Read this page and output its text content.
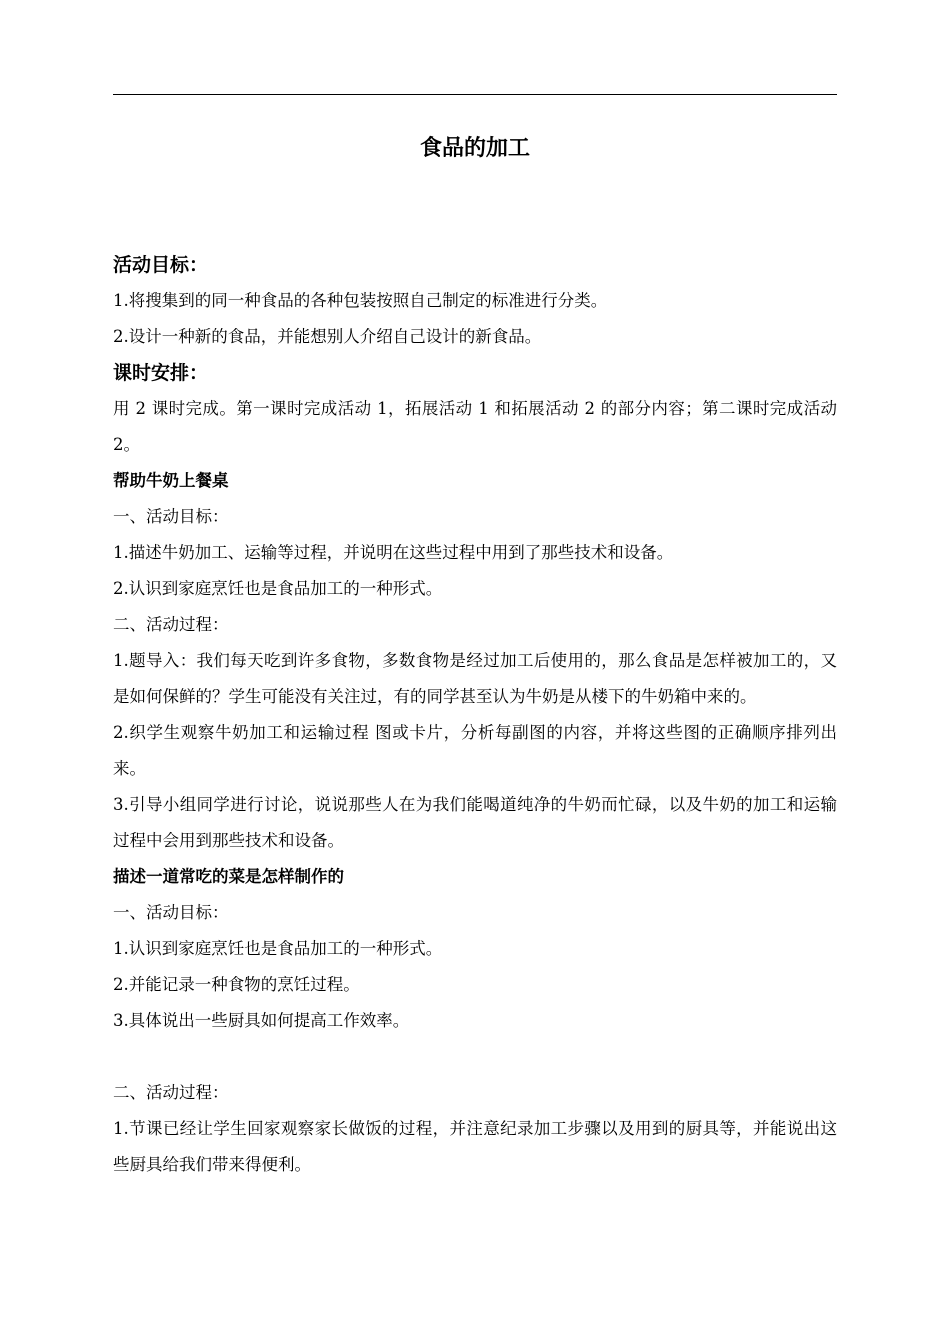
食品的加工

活动目标：

1.将搜集到的同一种食品的各种包装按照自己制定的标准进行分类。

2.设计一种新的食品，并能想别人介绍自己设计的新食品。

课时安排：

用 2 课时完成。第一课时完成活动 1，拓展活动 1 和拓展活动 2 的部分内容；第二课时完成活动 2。

帮助牛奶上餐桌

一、活动目标：

1.描述牛奶加工、运输等过程，并说明在这些过程中用到了那些技术和设备。

2.认识到家庭烹饪也是食品加工的一种形式。

二、活动过程：

1.题导入：我们每天吃到许多食物，多数食物是经过加工后使用的，那么食品是怎样被加工的，又是如何保鲜的？学生可能没有关注过，有的同学甚至认为牛奶是从楼下的牛奶箱中来的。

2.织学生观察牛奶加工和运输过程 图或卡片，分析每副图的内容，并将这些图的正确顺序排列出来。

3.引导小组同学进行讨论，说说那些人在为我们能喝道纯净的牛奶而忙碌，以及牛奶的加工和运输过程中会用到那些技术和设备。

描述一道常吃的菜是怎样制作的

一、活动目标：

1.认识到家庭烹饪也是食品加工的一种形式。

2.并能记录一种食物的烹饪过程。

3.具体说出一些厨具如何提高工作效率。

二、活动过程：

1.节课已经让学生回家观察家长做饭的过程，并注意纪录加工步骤以及用到的厨具等，并能说出这些厨具给我们带来得便利。
